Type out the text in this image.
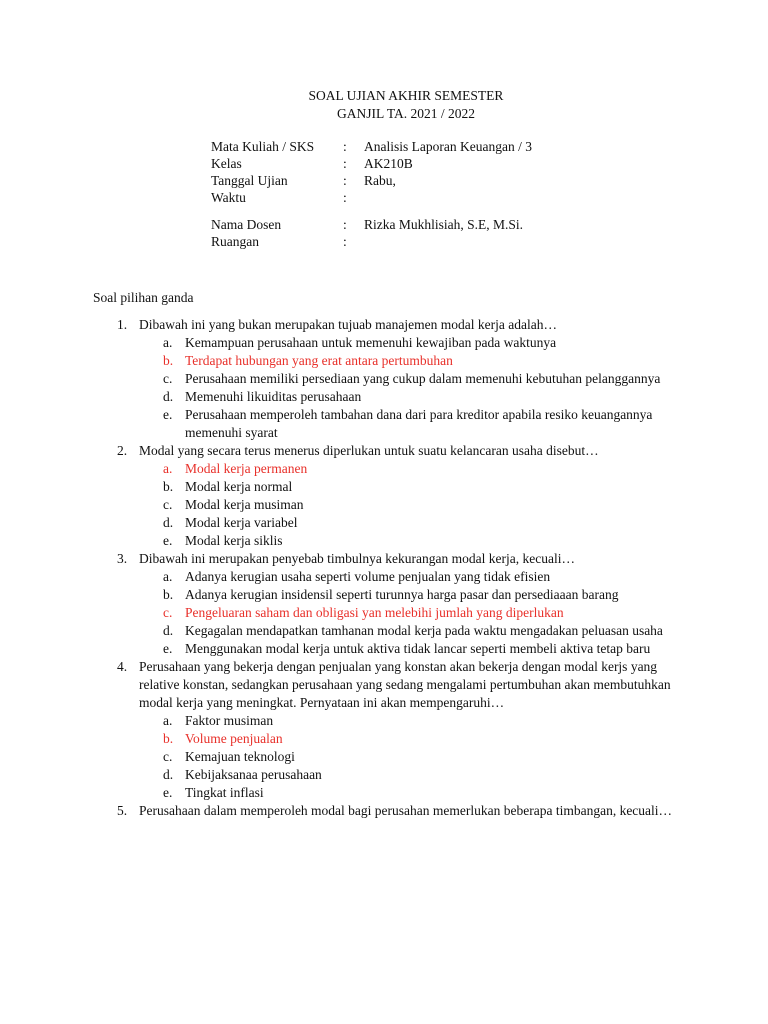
SOAL UJIAN AKHIR SEMESTER
GANJIL TA. 2021 / 2022
Mata Kuliah / SKS	:	Analisis Laporan Keuangan / 3
Kelas	:	AK210B
Tanggal Ujian	:	Rabu,
Waktu	:
Nama Dosen	:	Rizka Mukhlisiah, S.E, M.Si.
Ruangan	:
Soal pilihan ganda
1. Dibawah ini yang bukan merupakan tujuab manajemen modal kerja adalah…
a. Kemampuan perusahaan untuk memenuhi kewajiban pada waktunya
b. Terdapat hubungan yang erat antara pertumbuhan
c. Perusahaan memiliki persediaan yang cukup dalam memenuhi kebutuhan pelanggannya
d. Memenuhi likuiditas perusahaan
e. Perusahaan memperoleh tambahan dana dari para kreditor apabila resiko keuangannya memenuhi syarat
2. Modal yang secara terus menerus diperlukan untuk suatu kelancaran usaha disebut…
a. Modal kerja permanen
b. Modal kerja normal
c. Modal kerja musiman
d. Modal kerja variabel
e. Modal kerja siklis
3. Dibawah ini merupakan penyebab timbulnya kekurangan modal kerja, kecuali…
a. Adanya kerugian usaha seperti volume penjualan yang tidak efisien
b. Adanya kerugian insidensil seperti turunnya harga pasar dan persediaaan barang
c. Pengeluaran saham dan obligasi yan melebihi jumlah yang diperlukan
d. Kegagalan mendapatkan tamhanan modal kerja pada waktu mengadakan peluasan usaha
e. Menggunakan modal kerja untuk aktiva tidak lancar seperti membeli aktiva tetap baru
4. Perusahaan yang bekerja dengan penjualan yang konstan akan bekerja dengan modal kerjs yang relative konstan, sedangkan perusahaan yang sedang mengalami pertumbuhan akan membutuhkan modal kerja yang meningkat. Pernyataan ini akan mempengaruhi…
a. Faktor musiman
b. Volume penjualan
c. Kemajuan teknologi
d. Kebijaksanaa perusahaan
e. Tingkat inflasi
5. Perusahaan dalam memperoleh modal bagi perusahan memerlukan beberapa timbangan, kecuali…
